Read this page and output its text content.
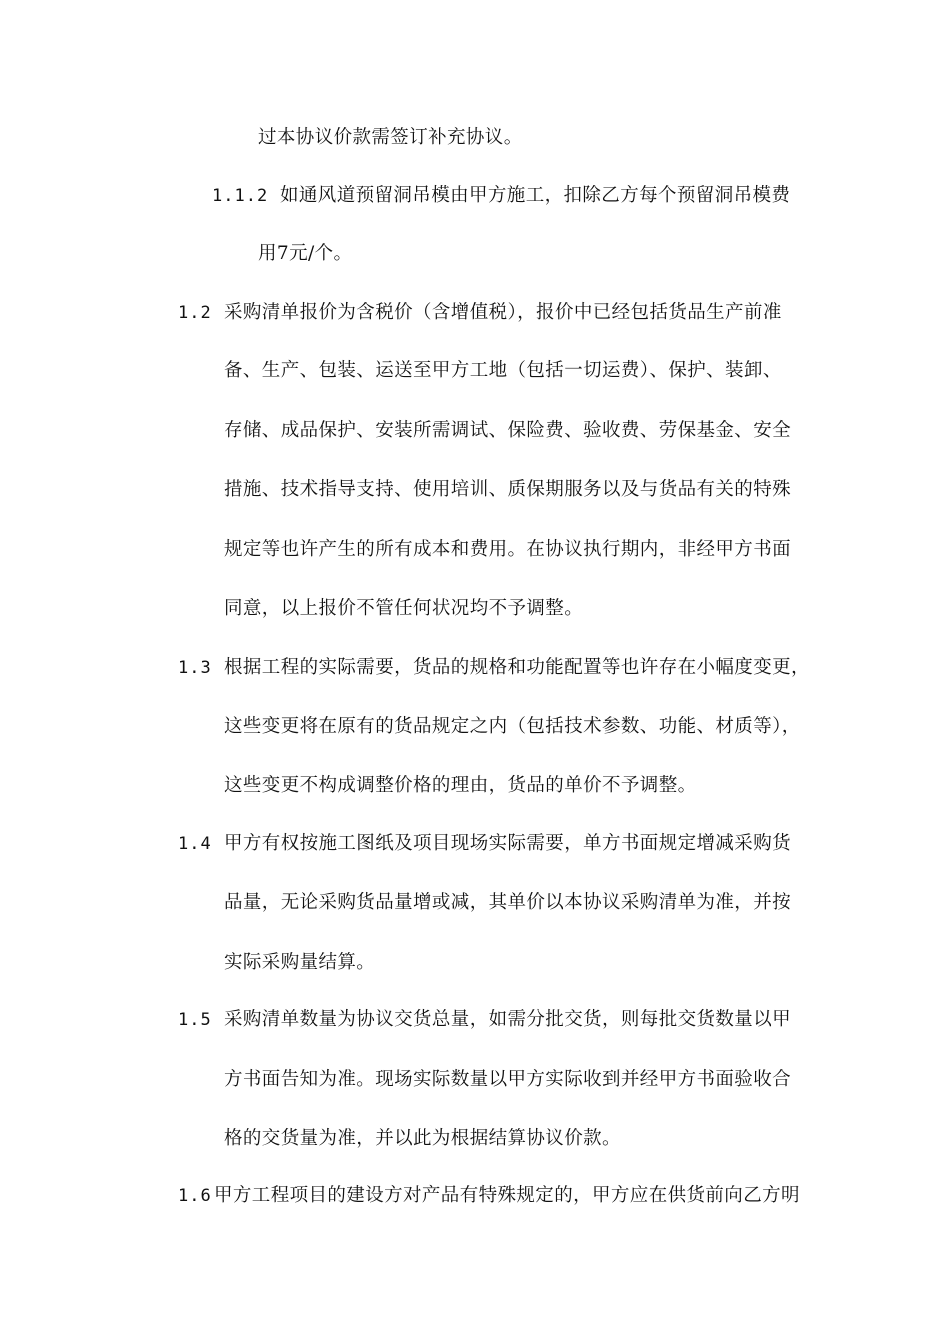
过本协议价款需签订补充协议。
1.1.2 如通风道预留洞吊模由甲方施工，扣除乙方每个预留洞吊模费
用7元/个。
1.2 采购清单报价为含税价（含增值税），报价中已经包括货品生产前准
备、生产、包装、运送至甲方工地（包括一切运费）、保护、装卸、
存储、成品保护、安装所需调试、保险费、验收费、劳保基金、安全
措施、技术指导支持、使用培训、质保期服务以及与货品有关的特殊
规定等也许产生的所有成本和费用。在协议执行期内，非经甲方书面
同意，以上报价不管任何状况均不予调整。
1.3 根据工程的实际需要，货品的规格和功能配置等也许存在小幅度变更，
这些变更将在原有的货品规定之内（包括技术参数、功能、材质等），
这些变更不构成调整价格的理由，货品的单价不予调整。
1.4 甲方有权按施工图纸及项目现场实际需要，单方书面规定增减采购货
品量，无论采购货品量增或减，其单价以本协议采购清单为准，并按
实际采购量结算。
1.5 采购清单数量为协议交货总量，如需分批交货，则每批交货数量以甲
方书面告知为准。现场实际数量以甲方实际收到并经甲方书面验收合
格的交货量为准，并以此为根据结算协议价款。
1.6 甲方工程项目的建设方对产品有特殊规定的，甲方应在供货前向乙方明
